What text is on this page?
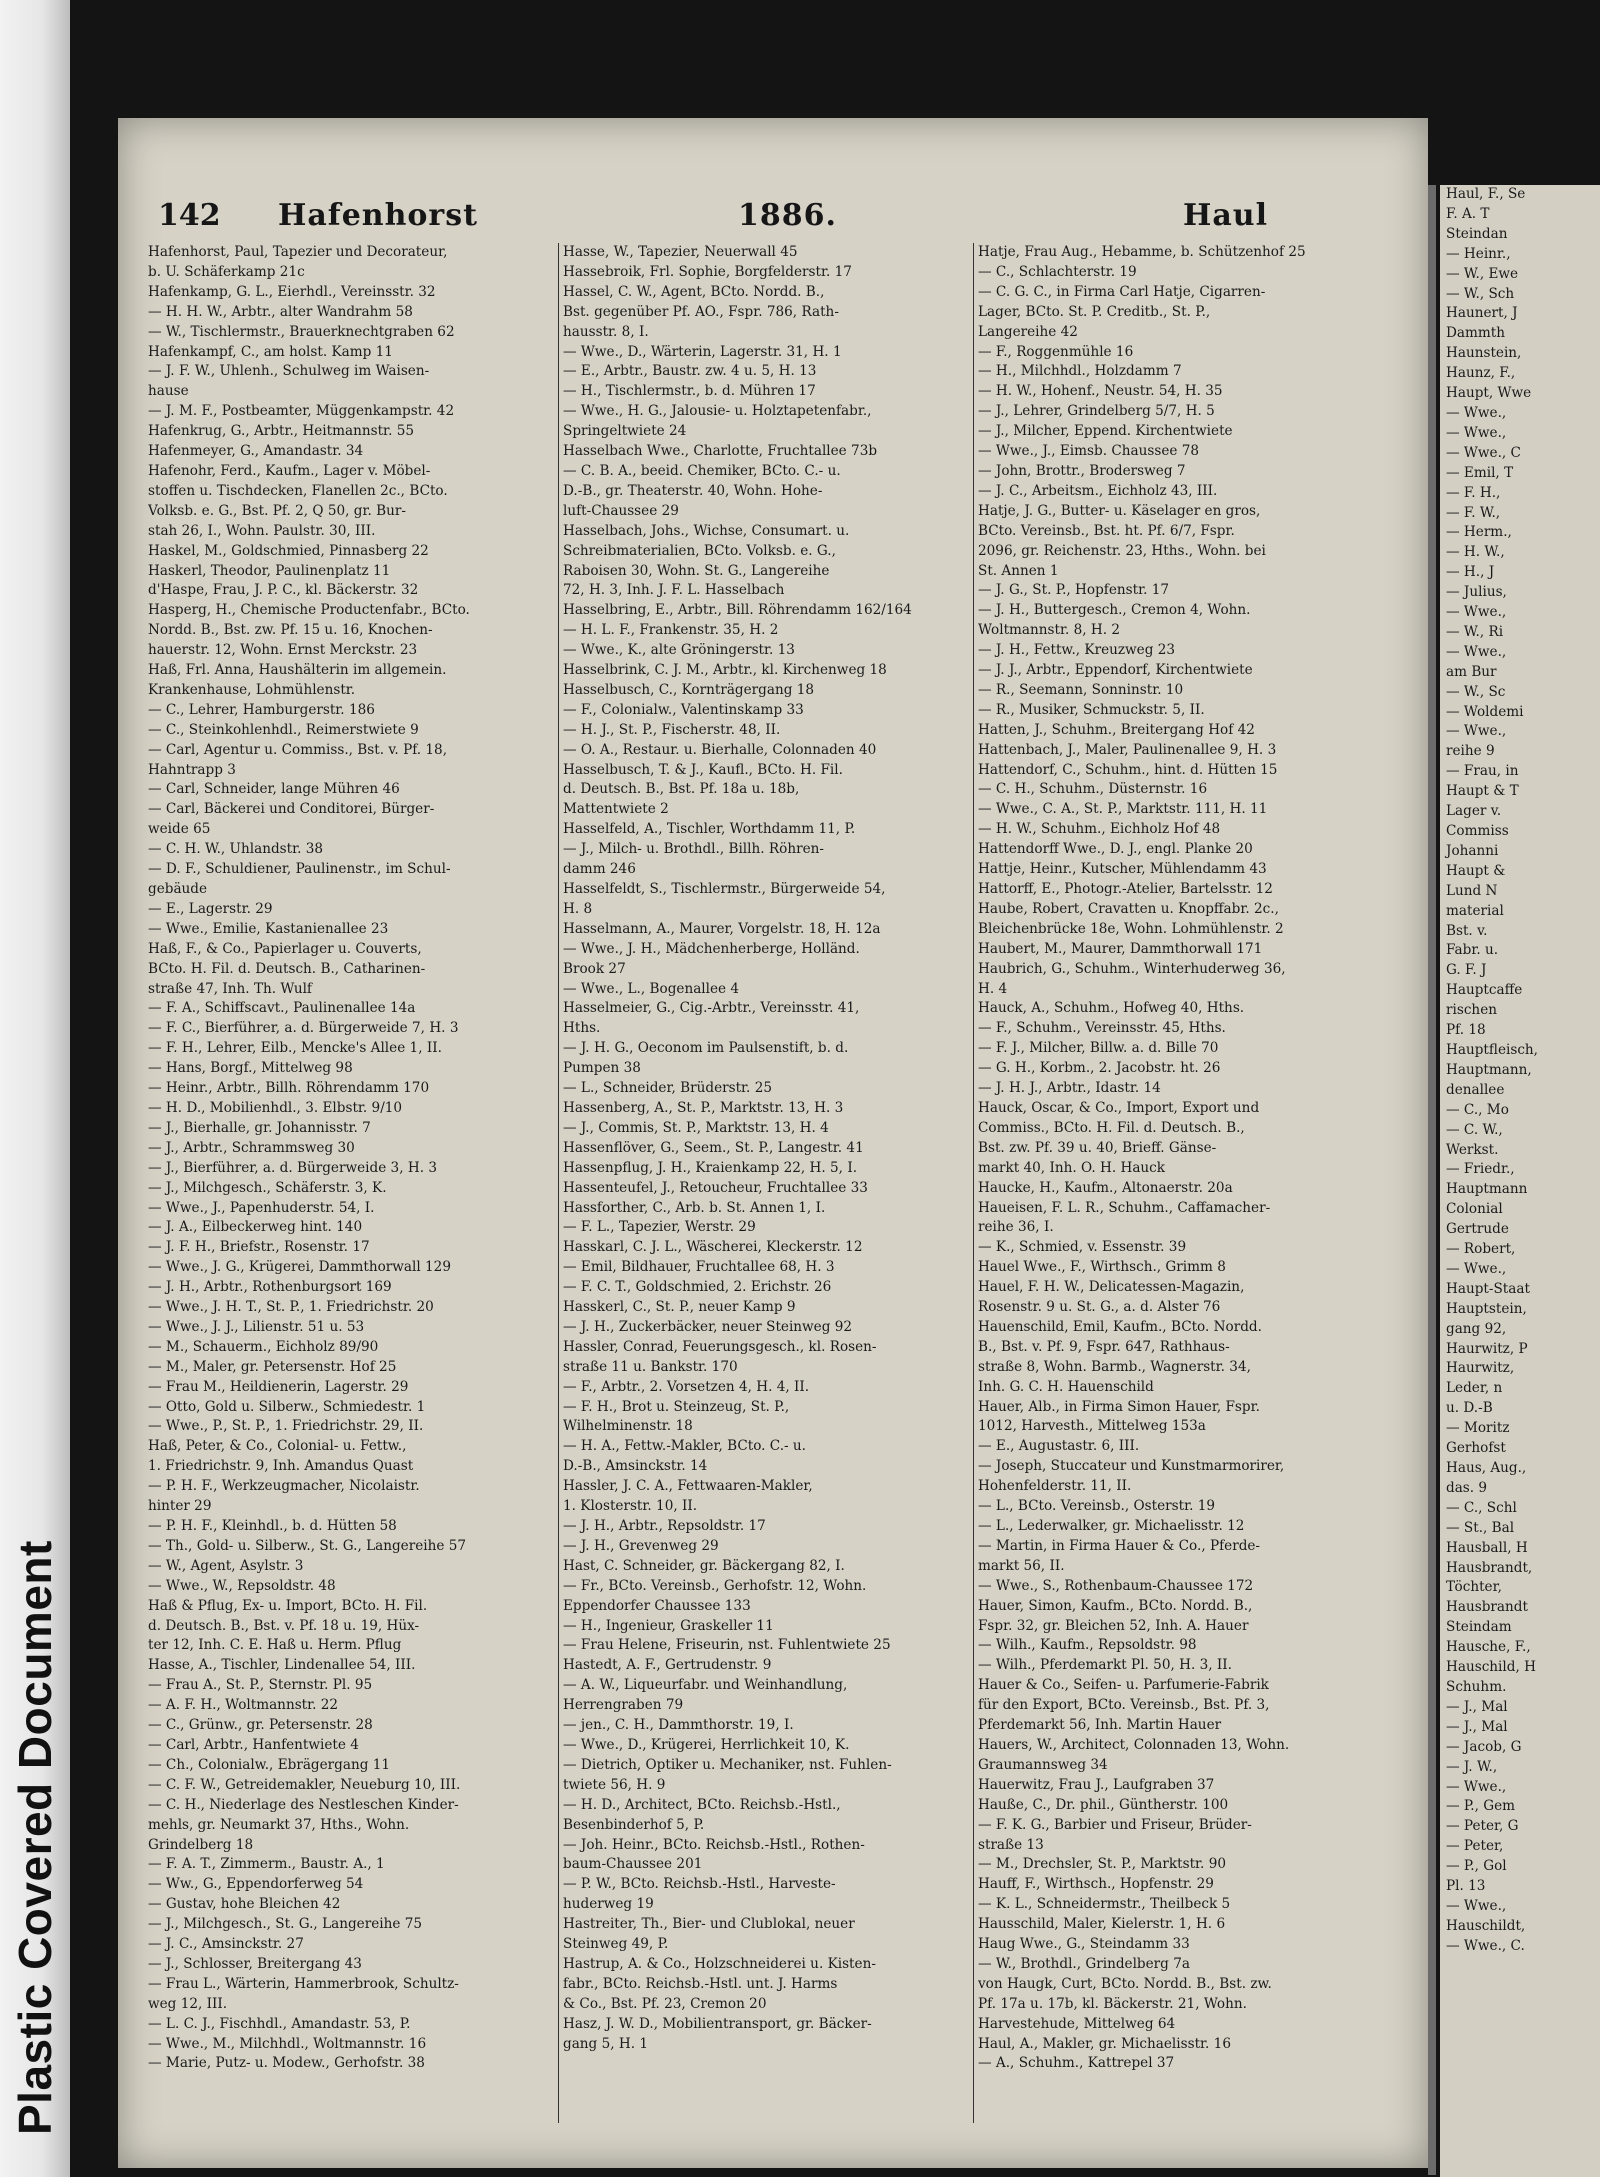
Plastic Covered Document
142 Hafenhorst	1886.	Haul
Hafenhorst, Paul, Tapezier und Decorateur,
b. U. Schäferkamp 21c
Hafenkamp, G. L., Eierhdl., Vereinsstr. 32
— H. H. W., Arbtr., alter Wandrahm 58
— W., Tischlermstr., Brauerknechtgraben 62
Hafenkampf, C., am holst. Kamp 11
— J. F. W., Uhlenh., Schulweg im Waisen-
hause
— J. M. F., Postbeamter, Müggenkampstr. 42
Hafenkrug, G., Arbtr., Heitmannstr. 55
Hafenmeyer, G., Amandastr. 34
Hafenohr, Ferd., Kaufm., Lager v. Möbel-
stoffen u. Tischdecken, Flanellen 2c., BCto.
Volksb. e. G., Bst. Pf. 2, Q 50, gr. Bur-
stah 26, I., Wohn. Paulstr. 30, III.
Haskel, M., Goldschmied, Pinnasberg 22
Haskerl, Theodor, Paulinenplatz 11
d'Haspe, Frau, J. P. C., kl. Bäckerstr. 32
Hasperg, H., Chemische Productenfabr., BCto.
Nordd. B., Bst. zw. Pf. 15 u. 16, Knochen-
hauerstr. 12, Wohn. Ernst Merckstr. 23
Haß, Frl. Anna, Haushälterin im allgemein.
Krankenhause, Lohmühlenstr.
— C., Lehrer, Hamburgerstr. 186
— C., Steinkohlenhdl., Reimerstwiete 9
— Carl, Agentur u. Commiss., Bst. v. Pf. 18,
Hahntrapp 3
— Carl, Schneider, lange Mühren 46
— Carl, Bäckerei und Conditorei, Bürger-
weide 65
— C. H. W., Uhlandstr. 38
— D. F., Schuldiener, Paulinenstr., im Schul-
gebäude
— E., Lagerstr. 29
— Wwe., Emilie, Kastanienallee 23
Haß, F., & Co., Papierlager u. Couverts,
BCto. H. Fil. d. Deutsch. B., Catharinen-
straße 47, Inh. Th. Wulf
— F. A., Schiffscavt., Paulinenallee 14a
— F. C., Bierführer, a. d. Bürgerweide 7, H. 3
— F. H., Lehrer, Eilb., Mencke's Allee 1, II.
— Hans, Borgf., Mittelweg 98
— Heinr., Arbtr., Billh. Röhrendamm 170
— H. D., Mobilienhdl., 3. Elbstr. 9/10
— J., Bierhalle, gr. Johannisstr. 7
— J., Arbtr., Schrammsweg 30
— J., Bierführer, a. d. Bürgerweide 3, H. 3
— J., Milchgesch., Schäferstr. 3, K.
— Wwe., J., Papenhuderstr. 54, I.
— J. A., Eilbeckerweg hint. 140
— J. F. H., Briefstr., Rosenstr. 17
— Wwe., J. G., Krügerei, Dammthorwall 129
— J. H., Arbtr., Rothenburgsort 169
— Wwe., J. H. T., St. P., 1. Friedrichstr. 20
— Wwe., J. J., Lilienstr. 51 u. 53
— M., Schauerm., Eichholz 89/90
— M., Maler, gr. Petersenstr. Hof 25
— Frau M., Heildienerin, Lagerstr. 29
— Otto, Gold u. Silberw., Schmiedestr. 1
— Wwe., P., St. P., 1. Friedrichstr. 29, II.
Haß, Peter, & Co., Colonial- u. Fettw.,
1. Friedrichstr. 9, Inh. Amandus Quast
— P. H. F., Werkzeugmacher, Nicolaistr.
hinter 29
— P. H. F., Kleinhdl., b. d. Hütten 58
— Th., Gold- u. Silberw., St. G., Langereihe 57
— W., Agent, Asylstr. 3
— Wwe., W., Repsoldstr. 48
Haß & Pflug, Ex- u. Import, BCto. H. Fil.
d. Deutsch. B., Bst. v. Pf. 18 u. 19, Hüx-
ter 12, Inh. C. E. Haß u. Herm. Pflug
Hasse, A., Tischler, Lindenallee 54, III.
— Frau A., St. P., Sternstr. Pl. 95
— A. F. H., Woltmannstr. 22
— C., Grünw., gr. Petersenstr. 28
— Carl, Arbtr., Hanfentwiete 4
— Ch., Colonialw., Ebrägergang 11
— C. F. W., Getreidemakler, Neueburg 10, III.
— C. H., Niederlage des Nestleschen Kinder-
mehls, gr. Neumarkt 37, Hths., Wohn.
Grindelberg 18
— F. A. T., Zimmerm., Baustr. A., 1
— Ww., G., Eppendorferweg 54
— Gustav, hohe Bleichen 42
— J., Milchgesch., St. G., Langereihe 75
— J. C., Amsinckstr. 27
— J., Schlosser, Breitergang 43
— Frau L., Wärterin, Hammerbrook, Schultz-
weg 12, III.
— L. C. J., Fischhdl., Amandastr. 53, P.
— Wwe., M., Milchhdl., Woltmannstr. 16
— Marie, Putz- u. Modew., Gerhofstr. 38
Hasse, W., Tapezier, Neuerwall 45
Hassebroik, Frl. Sophie, Borgfelderstr. 17
Hassel, C. W., Agent, BCto. Nordd. B.,
Bst. gegenüber Pf. AO., Fspr. 786, Rath-
hausstr. 8, I.
— Wwe., D., Wärterin, Lagerstr. 31, H. 1
— E., Arbtr., Baustr. zw. 4 u. 5, H. 13
— H., Tischlermstr., b. d. Mühren 17
— Wwe., H. G., Jalousie- u. Holztapetenfabr.,
Springeltwiete 24
Hasselbach Wwe., Charlotte, Fruchtallee 73b
— C. B. A., beeid. Chemiker, BCto. C.- u.
D.-B., gr. Theaterstr. 40, Wohn. Hohe-
luft-Chaussee 29
Hasselbach, Johs., Wichse, Consumart. u.
Schreibmaterialien, BCto. Volksb. e. G.,
Raboisen 30, Wohn. St. G., Langereihe
72, H. 3, Inh. J. F. L. Hasselbach
Hasselbring, E., Arbtr., Bill. Röhrendamm 162/164
— H. L. F., Frankenstr. 35, H. 2
— Wwe., K., alte Gröningerstr. 13
Hasselbrink, C. J. M., Arbtr., kl. Kirchenweg 18
Hasselbusch, C., Kornträgergang 18
— F., Colonialw., Valentinskamp 33
— H. J., St. P., Fischerstr. 48, II.
— O. A., Restaur. u. Bierhalle, Colonnaden 40
Hasselbusch, T. & J., Kaufl., BCto. H. Fil.
d. Deutsch. B., Bst. Pf. 18a u. 18b,
Mattentwiete 2
Hasselfeld, A., Tischler, Worthdamm 11, P.
— J., Milch- u. Brothdl., Billh. Röhren-
damm 246
Hasselfeldt, S., Tischlermstr., Bürgerweide 54,
H. 8
Hasselmann, A., Maurer, Vorgelstr. 18, H. 12a
— Wwe., J. H., Mädchenherberge, Holländ.
Brook 27
— Wwe., L., Bogenallee 4
Hasselmeier, G., Cig.-Arbtr., Vereinsstr. 41,
Hths.
— J. H. G., Oeconom im Paulsenstift, b. d.
Pumpen 38
— L., Schneider, Brüderstr. 25
Hassenberg, A., St. P., Marktstr. 13, H. 3
— J., Commis, St. P., Marktstr. 13, H. 4
Hassenflöver, G., Seem., St. P., Langestr. 41
Hassenpflug, J. H., Kraienkamp 22, H. 5, I.
Hassenteufel, J., Retoucheur, Fruchtallee 33
Hassforther, C., Arb. b. St. Annen 1, I.
— F. L., Tapezier, Werstr. 29
Hasskarl, C. J. L., Wäscherei, Kleckerstr. 12
— Emil, Bildhauer, Fruchtallee 68, H. 3
— F. C. T., Goldschmied, 2. Erichstr. 26
Hasskerl, C., St. P., neuer Kamp 9
— J. H., Zuckerbäcker, neuer Steinweg 92
Hassler, Conrad, Feuerungsgesch., kl. Rosen-
straße 11 u. Bankstr. 170
— F., Arbtr., 2. Vorsetzen 4, H. 4, II.
— F. H., Brot u. Steinzeug, St. P.,
Wilhelminenstr. 18
— H. A., Fettw.-Makler, BCto. C.- u.
D.-B., Amsinckstr. 14
Hassler, J. C. A., Fettwaaren-Makler,
1. Klosterstr. 10, II.
— J. H., Arbtr., Repsoldstr. 17
— J. H., Grevenweg 29
Hast, C. Schneider, gr. Bäckergang 82, I.
— Fr., BCto. Vereinsb., Gerhofstr. 12, Wohn.
Eppendorfer Chaussee 133
— H., Ingenieur, Graskeller 11
— Frau Helene, Friseurin, nst. Fuhlentwiete 25
Hastedt, A. F., Gertrudenstr. 9
— A. W., Liqueurfabr. und Weinhandlung,
Herrengraben 79
— jen., C. H., Dammthorstr. 19, I.
— Wwe., D., Krügerei, Herrlichkeit 10, K.
— Dietrich, Optiker u. Mechaniker, nst. Fuhlen-
twiete 56, H. 9
— H. D., Architect, BCto. Reichsb.-Hstl.,
Besenbinderhof 5, P.
— Joh. Heinr., BCto. Reichsb.-Hstl., Rothen-
baum-Chaussee 201
— P. W., BCto. Reichsb.-Hstl., Harveste-
huderweg 19
Hastreiter, Th., Bier- und Clublokal, neuer
Steinweg 49, P.
Hastrup, A. & Co., Holzschneiderei u. Kisten-
fabr., BCto. Reichsb.-Hstl. unt. J. Harms
& Co., Bst. Pf. 23, Cremon 20
Hasz, J. W. D., Mobilientransport, gr. Bäcker-
gang 5, H. 1
Hatje, Frau Aug., Hebamme, b. Schützenhof 25
— C., Schlachterstr. 19
— C. G. C., in Firma Carl Hatje, Cigarren-
Lager, BCto. St. P. Creditb., St. P.,
Langereihe 42
— F., Roggenmühle 16
— H., Milchhdl., Holzdamm 7
— H. W., Hohenf., Neustr. 54, H. 35
— J., Lehrer, Grindelberg 5/7, H. 5
— J., Milcher, Eppend. Kirchentwiete
— Wwe., J., Eimsb. Chaussee 78
— John, Brottr., Brodersweg 7
— J. C., Arbeitsm., Eichholz 43, III.
Hatje, J. G., Butter- u. Käselager en gros,
BCto. Vereinsb., Bst. ht. Pf. 6/7, Fspr.
2096, gr. Reichenstr. 23, Hths., Wohn. bei
St. Annen 1
— J. G., St. P., Hopfenstr. 17
— J. H., Buttergesch., Cremon 4, Wohn.
Woltmannstr. 8, H. 2
— J. H., Fettw., Kreuzweg 23
— J. J., Arbtr., Eppendorf, Kirchentwiete
— R., Seemann, Sonninstr. 10
— R., Musiker, Schmuckstr. 5, II.
Hatten, J., Schuhm., Breitergang Hof 42
Hattenbach, J., Maler, Paulinenallee 9, H. 3
Hattendorf, C., Schuhm., hint. d. Hütten 15
— C. H., Schuhm., Düsternstr. 16
— Wwe., C. A., St. P., Marktstr. 111, H. 11
— H. W., Schuhm., Eichholz Hof 48
Hattendorff Wwe., D. J., engl. Planke 20
Hattje, Heinr., Kutscher, Mühlendamm 43
Hattorff, E., Photogr.-Atelier, Bartelsstr. 12
Haube, Robert, Cravatten u. Knopffabr. 2c.,
Bleichenbrücke 18e, Wohn. Lohmühlenstr. 2
Haubert, M., Maurer, Dammthorwall 171
Haubrich, G., Schuhm., Winterhuderweg 36,
H. 4
Hauck, A., Schuhm., Hofweg 40, Hths.
— F., Schuhm., Vereinsstr. 45, Hths.
— F. J., Milcher, Billw. a. d. Bille 70
— G. H., Korbm., 2. Jacobstr. ht. 26
— J. H. J., Arbtr., Idastr. 14
Hauck, Oscar, & Co., Import, Export und
Commiss., BCto. H. Fil. d. Deutsch. B.,
Bst. zw. Pf. 39 u. 40, Brieff. Gänse-
markt 40, Inh. O. H. Hauck
Haucke, H., Kaufm., Altonaerstr. 20a
Haueisen, F. L. R., Schuhm., Caffamacher-
reihe 36, I.
— K., Schmied, v. Essenstr. 39
Hauel Wwe., F., Wirthsch., Grimm 8
Hauel, F. H. W., Delicatessen-Magazin,
Rosenstr. 9 u. St. G., a. d. Alster 76
Hauenschild, Emil, Kaufm., BCto. Nordd.
B., Bst. v. Pf. 9, Fspr. 647, Rathhaus-
straße 8, Wohn. Barmb., Wagnerstr. 34,
Inh. G. C. H. Hauenschild
Hauer, Alb., in Firma Simon Hauer, Fspr.
1012, Harvesth., Mittelweg 153a
— E., Augustastr. 6, III.
— Joseph, Stuccateur und Kunstmarmorirer,
Hohenfelderstr. 11, II.
— L., BCto. Vereinsb., Osterstr. 19
— L., Lederwalker, gr. Michaelisstr. 12
— Martin, in Firma Hauer & Co., Pferde-
markt 56, II.
— Wwe., S., Rothenbaum-Chaussee 172
Hauer, Simon, Kaufm., BCto. Nordd. B.,
Fspr. 32, gr. Bleichen 52, Inh. A. Hauer
— Wilh., Kaufm., Repsoldstr. 98
— Wilh., Pferdemarkt Pl. 50, H. 3, II.
Hauer & Co., Seifen- u. Parfumerie-Fabrik
für den Export, BCto. Vereinsb., Bst. Pf. 3,
Pferdemarkt 56, Inh. Martin Hauer
Hauers, W., Architect, Colonnaden 13, Wohn.
Graumannsweg 34
Hauerwitz, Frau J., Laufgraben 37
Hauße, C., Dr. phil., Güntherstr. 100
— F. K. G., Barbier und Friseur, Brüder-
straße 13
— M., Drechsler, St. P., Marktstr. 90
Hauff, F., Wirthsch., Hopfenstr. 29
— K. L., Schneidermstr., Theilbeck 5
Hausschild, Maler, Kielerstr. 1, H. 6
Haug Wwe., G., Steindamm 33
— W., Brothdl., Grindelberg 7a
von Haugk, Curt, BCto. Nordd. B., Bst. zw.
Pf. 17a u. 17b, kl. Bäckerstr. 21, Wohn.
Harvestehude, Mittelweg 64
Haul, A., Makler, gr. Michaelisstr. 16
— A., Schuhm., Kattrepel 37
Haul, F., Se
F. A. T
Steindan
— Heinr.,
— W., Ewe
— W., Sch
Haunert, J
Dammth
Haunstein,
Haunz, F.,
Haupt, Wwe
— Wwe.,
— Wwe.,
— Wwe., C
— Emil, T
— F. H.,
— F. W.,
— Herm.,
— H. W.,
— H., J
— Julius,
— Wwe.,
— W., Ri
— Wwe.,
am Bur
— W., Sc
— Woldemi
— Wwe.,
reihe 9
— Frau, in
Haupt & T
Lager v.
Commiss
Johanni
Haupt &
Lund N
material
Bst. v.
Fabr. u.
G. F. J
Hauptcaffe
rischen
Pf. 18
Hauptfleisch,
Hauptmann,
denallee
— C., Mo
— C. W.,
Werkst.
— Friedr.,
Hauptmann
Colonial
Gertrude
— Robert,
— Wwe.,
Haupt-Staat
Hauptstein,
gang 92,
Haurwitz, P
Haurwitz,
Leder, n
u. D.-B
— Moritz
Gerhofst
Haus, Aug.,
das. 9
— C., Schl
— St., Bal
Hausball, H
Hausbrandt,
Töchter,
Hausbrandt
Steindam
Hausche, F.,
Hauschild, H
Schuhm.
— J., Mal
— J., Mal
— Jacob, G
— J. W.,
— Wwe.,
— P., Gem
— Peter, G
— Peter,
— P., Gol
Pl. 13
— Wwe.,
Hauschildt,
— Wwe., C.
